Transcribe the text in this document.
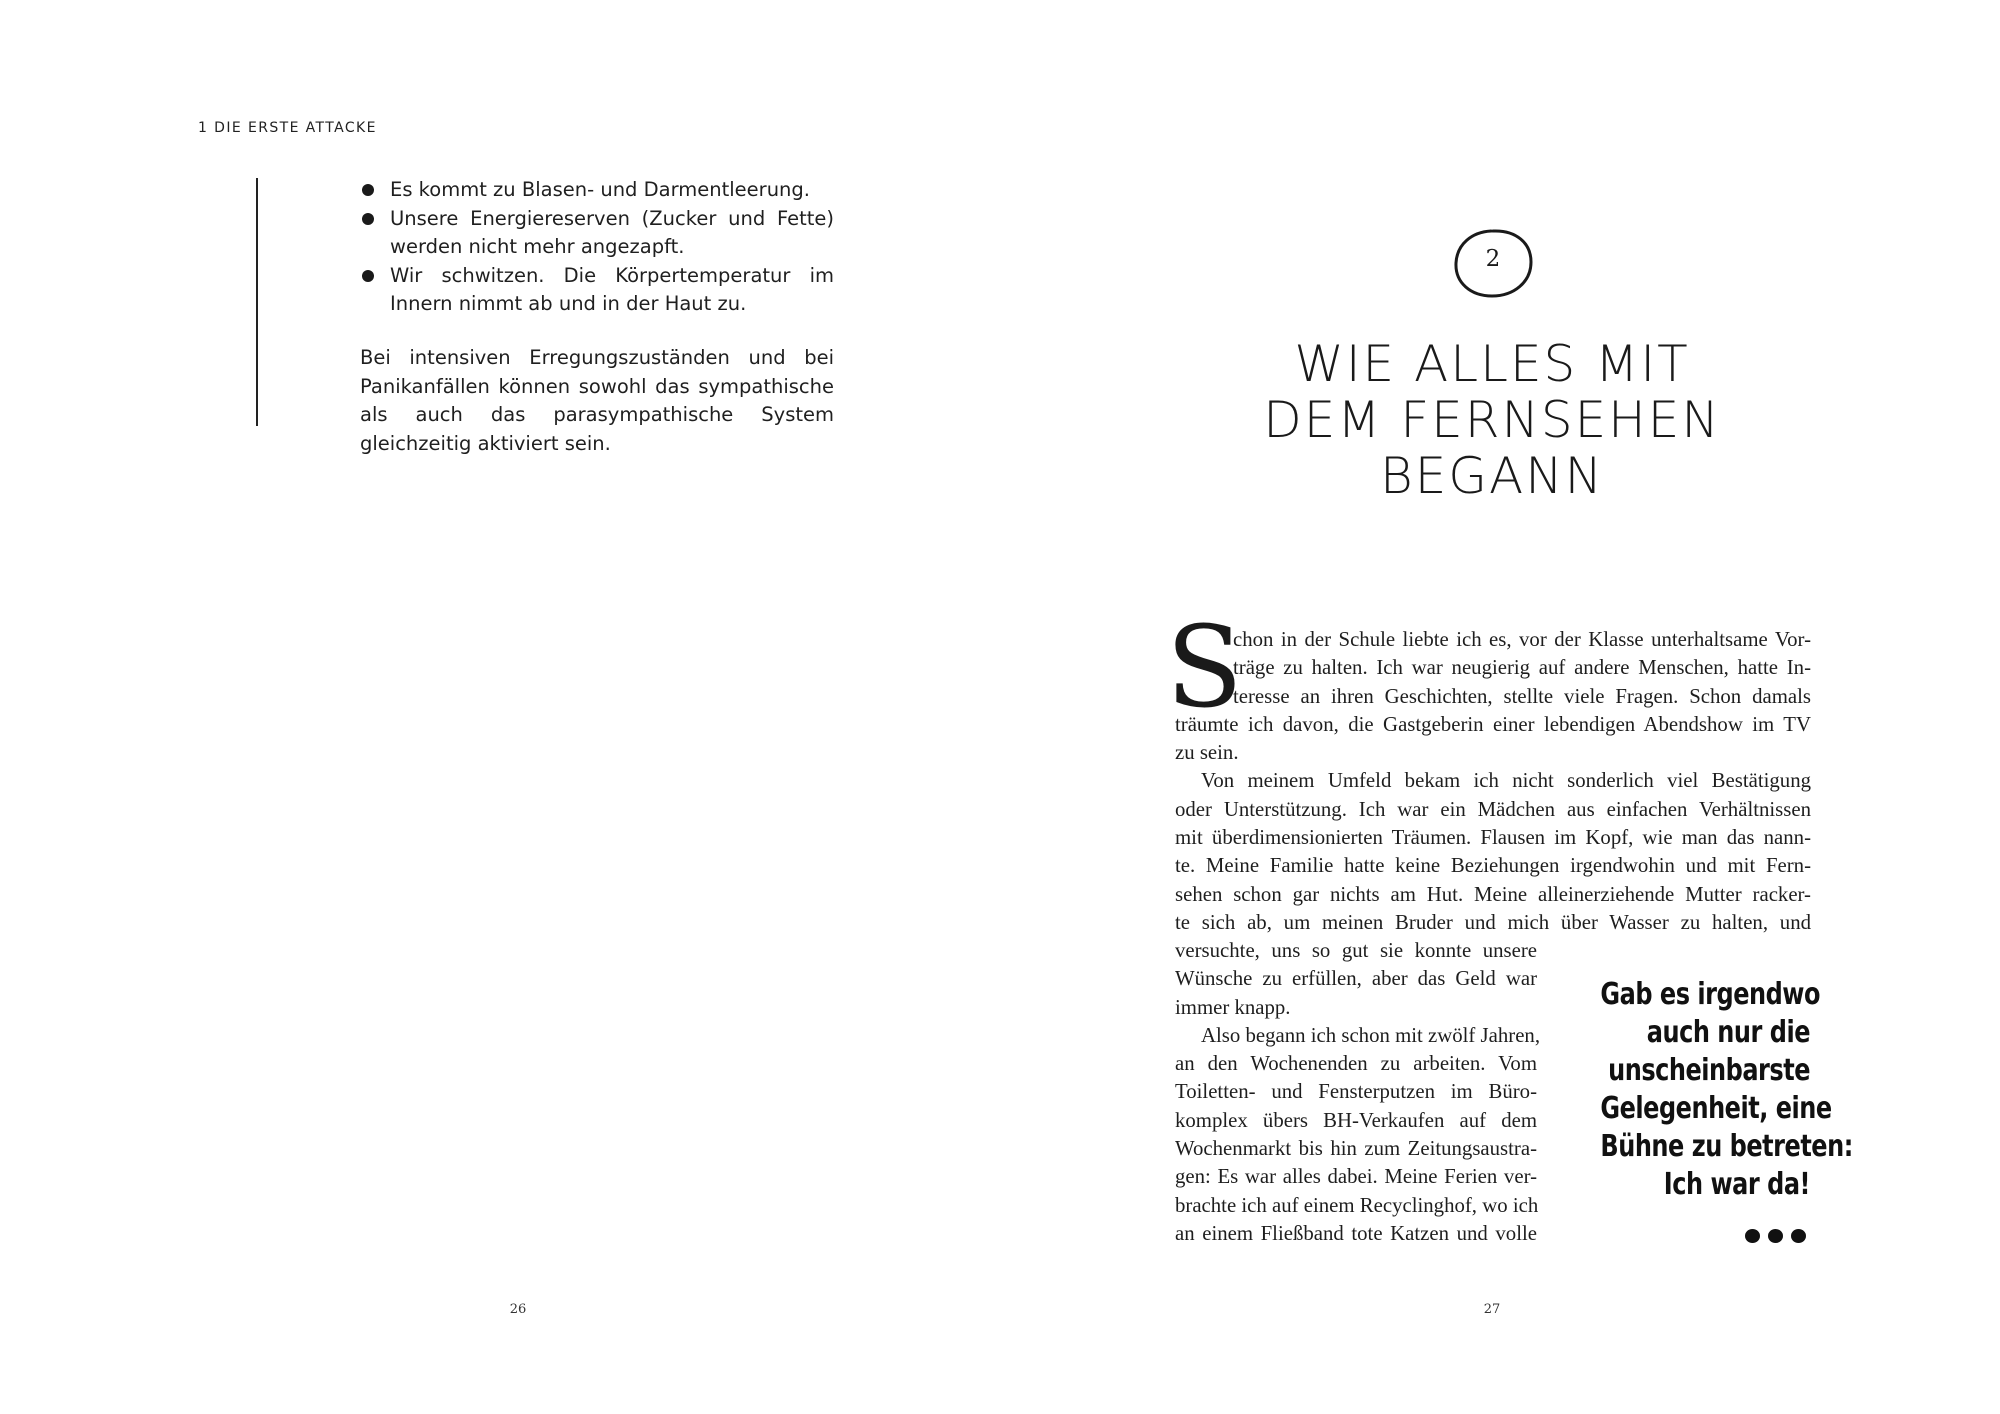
1 DIE ERSTE ATTACKE
Es kommt zu Blasen- und Darmentleerung.
Unsere Energiereserven (Zucker und Fette) werden nicht mehr angezapft.
Wir schwitzen. Die Körpertemperatur im Innern nimmt ab und in der Haut zu.

Bei intensiven Erregungszuständen und bei Panikanfällen können sowohl das sympathische als auch das parasympathische System gleichzeitig aktiviert sein.

26
2
WIE ALLES MIT
DEM FERNSEHEN
BEGANN
S
chon in der Schule liebte ich es, vor der Klasse unterhaltsame Vor-
träge zu halten. Ich war neugierig auf andere Menschen, hatte In-
teresse an ihren Geschichten, stellte viele Fragen. Schon damals
träumte ich davon, die Gastgeberin einer lebendigen Abendshow im TV
zu sein.
Von meinem Umfeld bekam ich nicht sonderlich viel Bestätigung
oder Unterstützung. Ich war ein Mädchen aus einfachen Verhältnissen
mit überdimensionierten Träumen. Flausen im Kopf, wie man das nann-
te. Meine Familie hatte keine Beziehungen irgendwohin und mit Fern-
sehen schon gar nichts am Hut. Meine alleinerziehende Mutter racker-
te sich ab, um meinen Bruder und mich über Wasser zu halten, und
versuchte, uns so gut sie konnte unsere
Wünsche zu erfüllen, aber das Geld war
immer knapp.
Also begann ich schon mit zwölf Jahren,
an den Wochenenden zu arbeiten. Vom
Toiletten- und Fensterputzen im Büro-
komplex übers BH-Verkaufen auf dem
Wochenmarkt bis hin zum Zeitungsaustra-
gen: Es war alles dabei. Meine Ferien ver-
brachte ich auf einem Recyclinghof, wo ich
an einem Fließband tote Katzen und volle

Gab es irgendwo
auch nur die
unscheinbarste
Gelegenheit, eine
Bühne zu betreten:
Ich war da!

27
